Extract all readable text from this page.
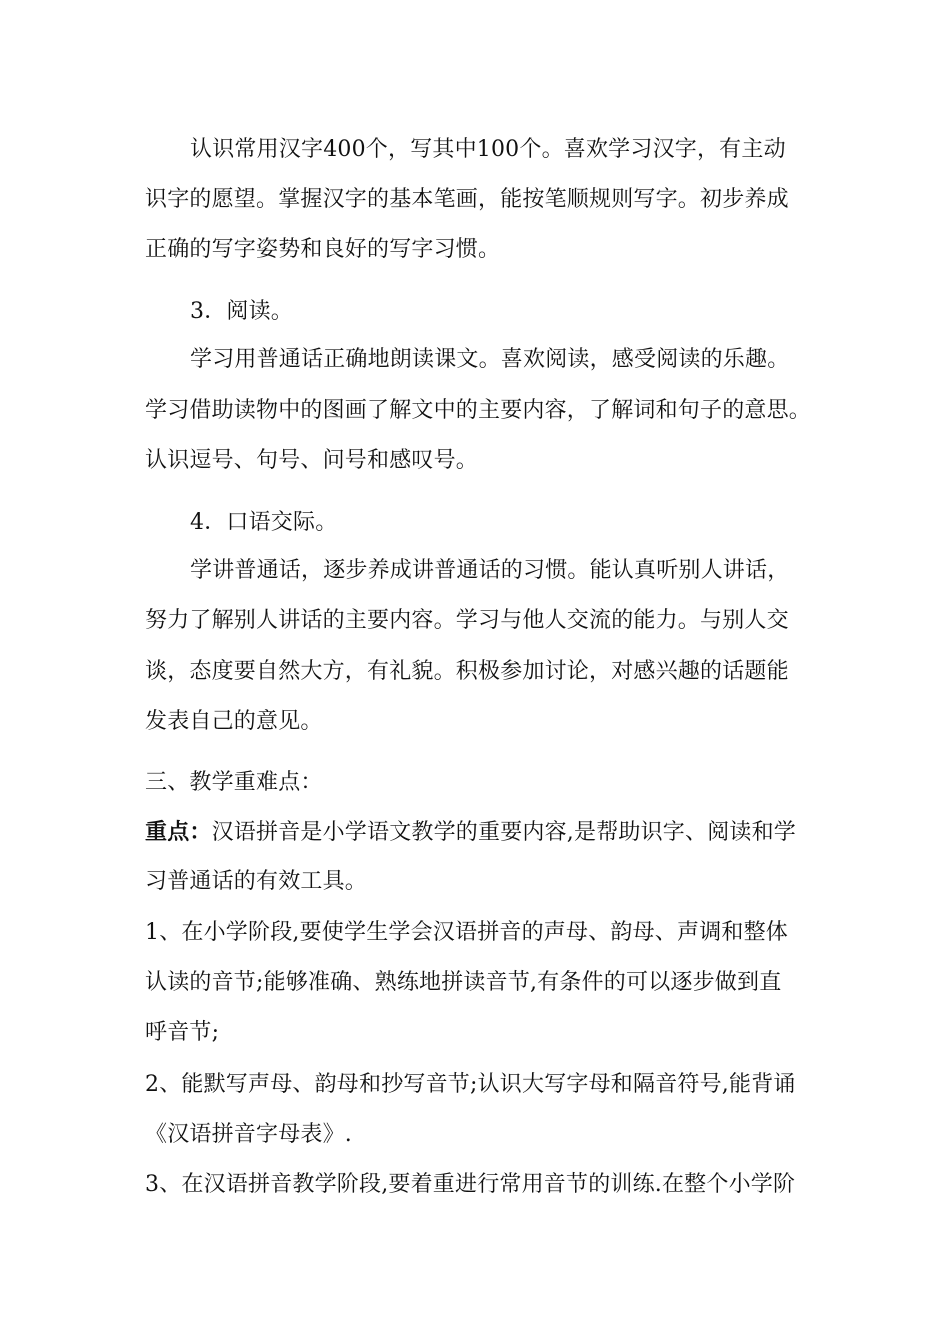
认识常用汉字400个，写其中100个。喜欢学习汉字，有主动
识字的愿望。掌握汉字的基本笔画，能按笔顺规则写字。初步养成
正确的写字姿势和良好的写字习惯。
3．阅读。
学习用普通话正确地朗读课文。喜欢阅读，感受阅读的乐趣。
学习借助读物中的图画了解文中的主要内容，了解词和句子的意思。
认识逗号、句号、问号和感叹号。
4．口语交际。
学讲普通话，逐步养成讲普通话的习惯。能认真听别人讲话，
努力了解别人讲话的主要内容。学习与他人交流的能力。与别人交
谈，态度要自然大方，有礼貌。积极参加讨论，对感兴趣的话题能
发表自己的意见。
三、教学重难点：
重点：汉语拼音是小学语文教学的重要内容,是帮助识字、阅读和学
习普通话的有效工具。
1、在小学阶段,要使学生学会汉语拼音的声母、韵母、声调和整体
认读的音节;能够准确、熟练地拼读音节,有条件的可以逐步做到直
呼音节;
2、能默写声母、韵母和抄写音节;认识大写字母和隔音符号,能背诵
《汉语拼音字母表》.
3、在汉语拼音教学阶段,要着重进行常用音节的训练.在整个小学阶
